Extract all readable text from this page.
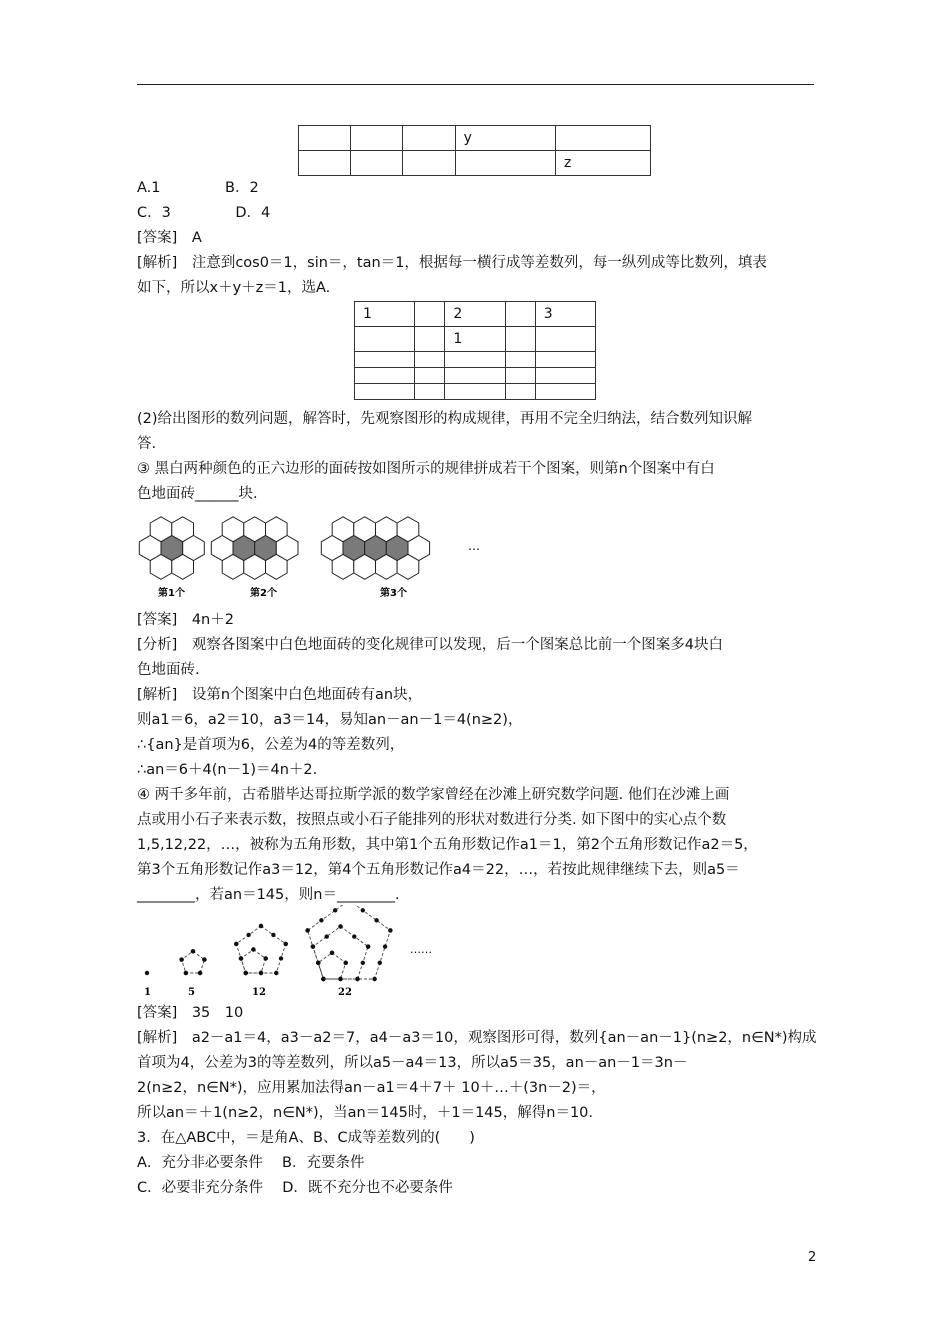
			y	
				z
A.1              B．2
C．3              D．4
[答案]　A
[解析]　注意到cos0＝1，sin＝，tan＝1，根据每一横行成等差数列，每一纵列成等比数列，填表
如下，所以x＋y＋z＝1，选A.
1		2		3
		1		

(2)给出图形的数列问题，解答时，先观察图形的构成规律，再用不完全归纳法，结合数列知识解
答.
③ 黑白两种颜色的正六边形的面砖按如图所示的规律拼成若干个图案，则第n个图案中有白
色地面砖______块.
第1个	第2个	第3个
…
[答案]　4n＋2
[分析]　观察各图案中白色地面砖的变化规律可以发现，后一个图案总比前一个图案多4块白
色地面砖.
[解析]　设第n个图案中白色地面砖有an块，
则a1＝6，a2＝10，a3＝14，易知an－an－1＝4(n≥2)，
∴{an}是首项为6，公差为4的等差数列，
∴an＝6＋4(n－1)＝4n＋2.
④ 两千多年前，古希腊毕达哥拉斯学派的数学家曾经在沙滩上研究数学问题. 他们在沙滩上画
点或用小石子来表示数，按照点或小石子能排列的形状对数进行分类. 如下图中的实心点个数
1,5,12,22，…，被称为五角形数，其中第1个五角形数记作a1＝1，第2个五角形数记作a2＝5，
第3个五角形数记作a3＝12，第4个五角形数记作a4＝22，…，若按此规律继续下去，则a5＝
________，若an＝145，则n＝________.
1	5	12	22
……
[答案]　35　10
[解析]　a2－a1＝4，a3－a2＝7，a4－a3＝10，观察图形可得，数列{an－an－1}(n≥2，n∈N*)构成
首项为4，公差为3的等差数列，所以a5－a4＝13，所以a5＝35，an－an－1＝3n－
2(n≥2，n∈N*)，应用累加法得an－a1＝4＋7＋ 10＋…＋(3n－2)＝，
所以an＝＋1(n≥2，n∈N*)，当an＝145时，＋1＝145，解得n＝10.
3．在△ABC中，＝是角A、B、C成等差数列的(　　)
A．充分非必要条件　 B．充要条件
C．必要非充分条件　 D．既不充分也不必要条件
2
